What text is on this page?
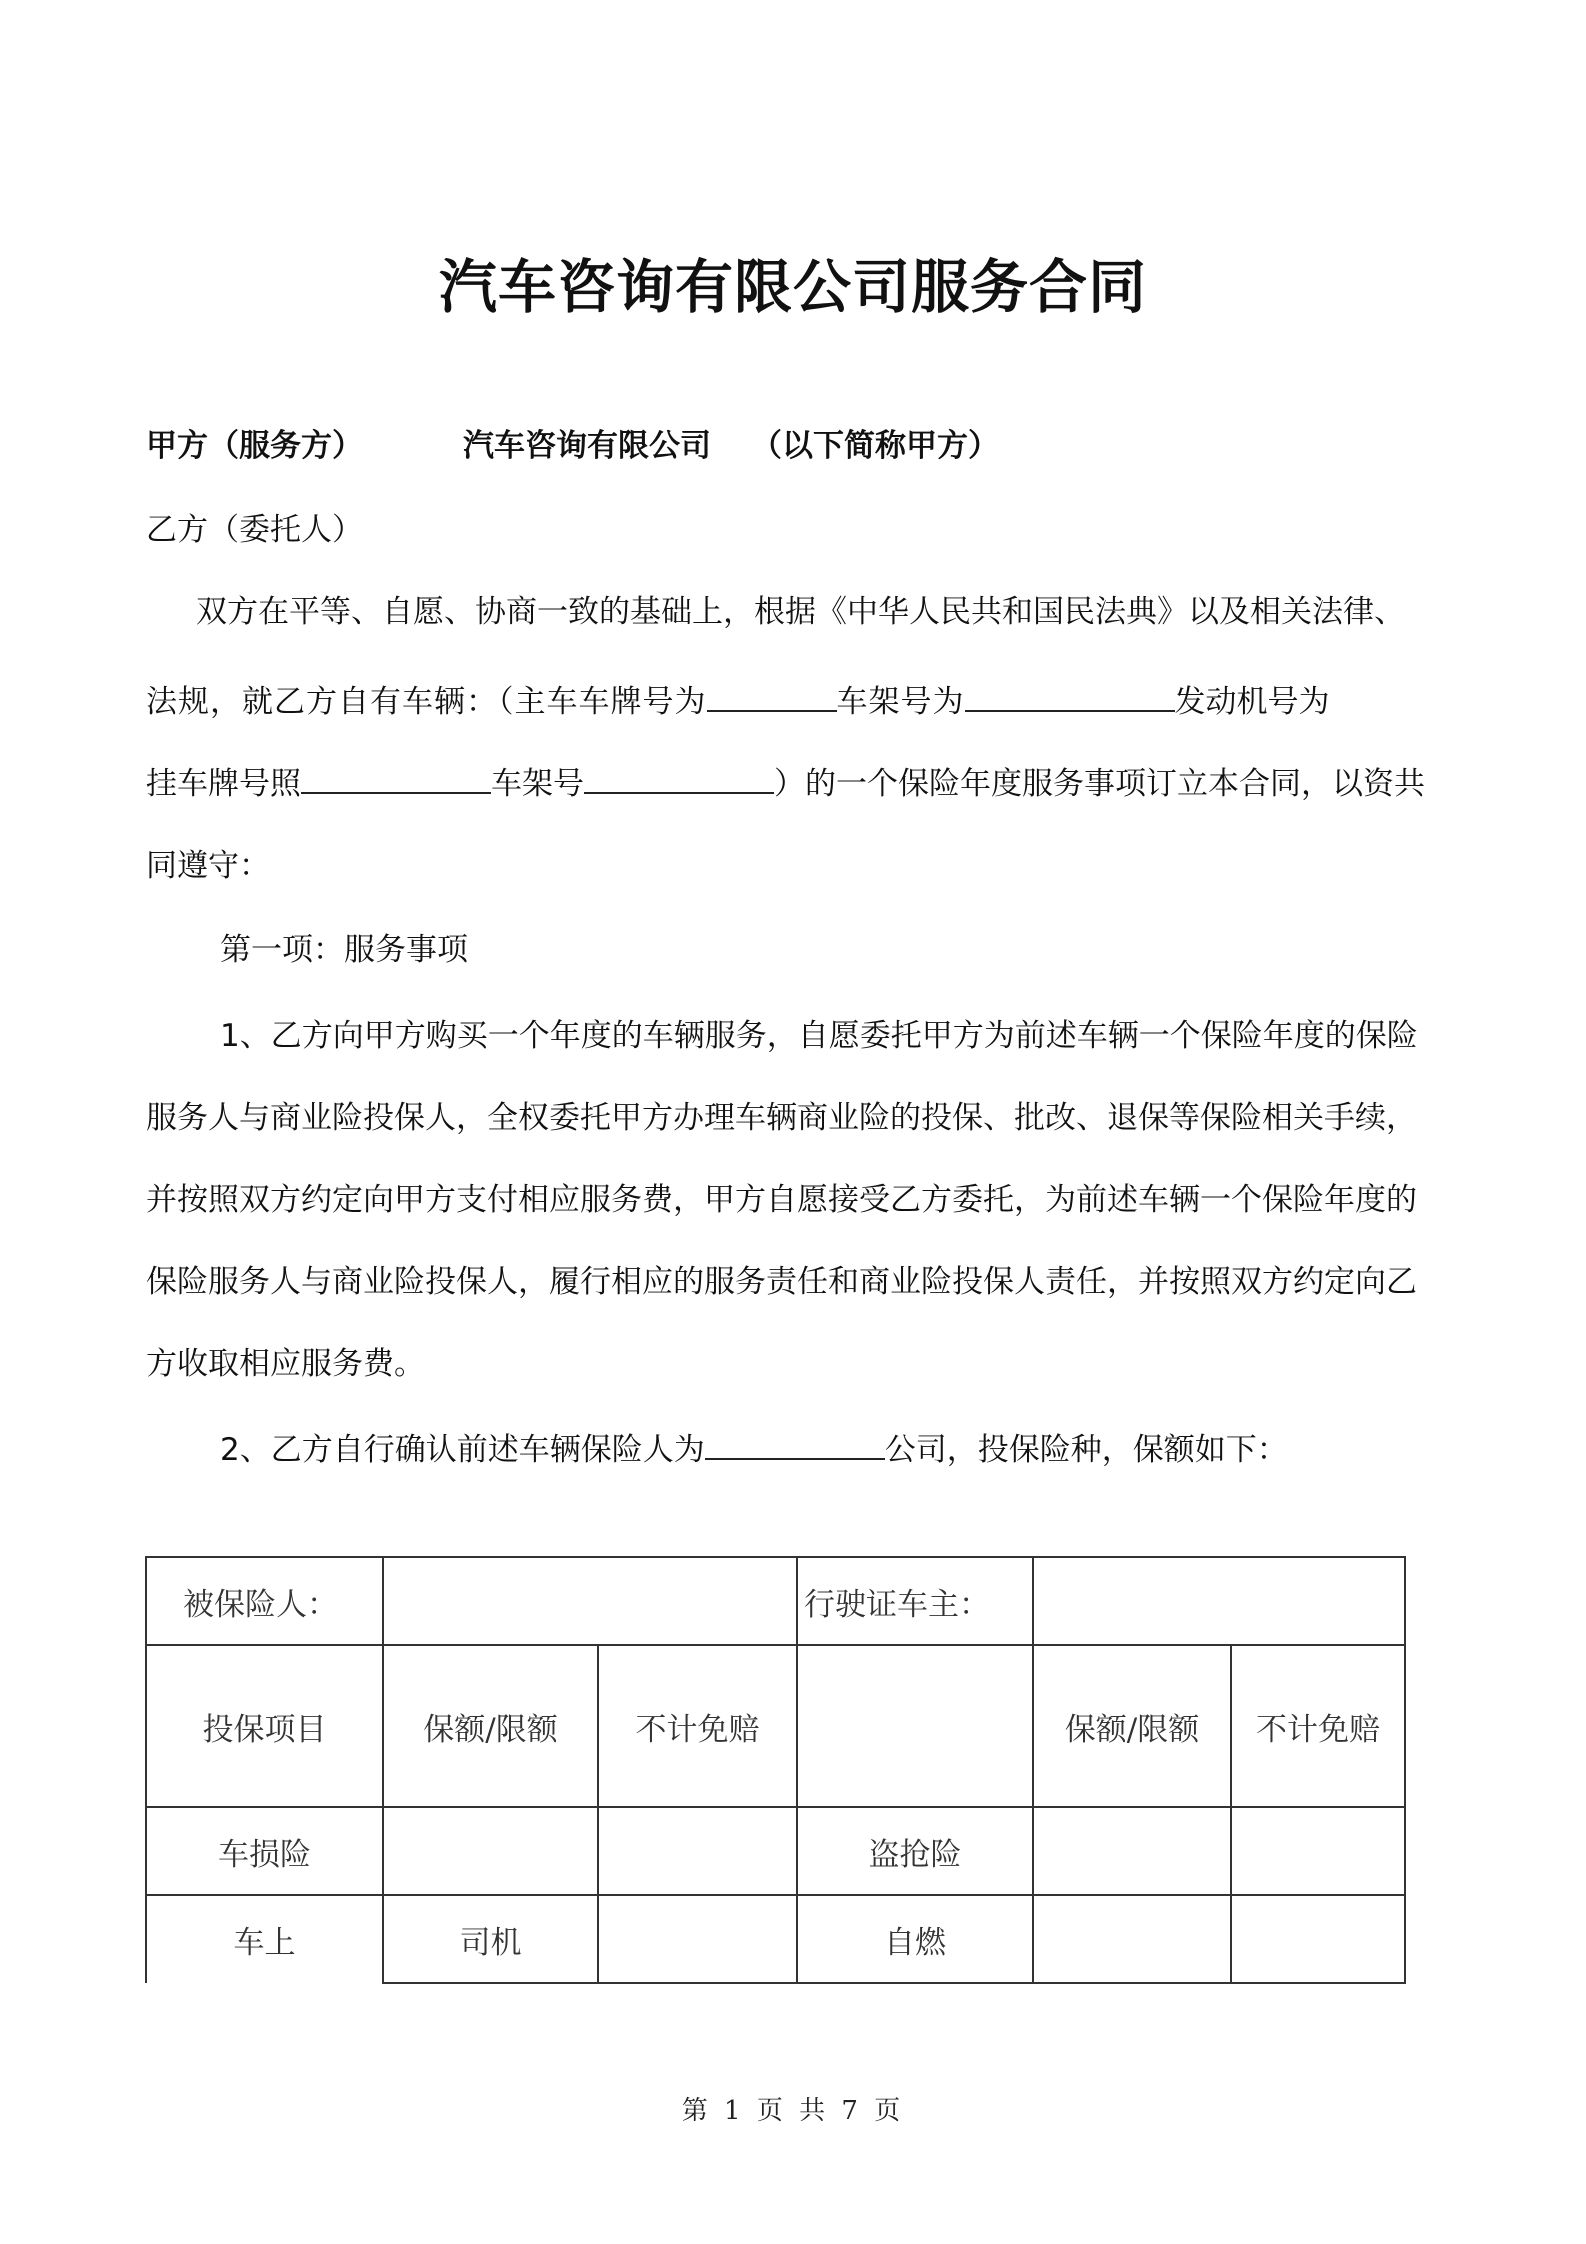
汽车咨询有限公司服务合同
甲方（服务方）	汽车咨询有限公司 （以下简称甲方）
乙方（委托人）
双方在平等、自愿、协商一致的基础上，根据《中华人民共和国民法典》以及相关法律、
法规，就乙方自有车辆：（主车车牌号为	车架号为	发动机号为
挂车牌号照	车架号	）的一个保险年度服务事项订立本合同，以资共
同遵守：
第一项：服务事项
1、乙方向甲方购买一个年度的车辆服务，自愿委托甲方为前述车辆一个保险年度的保险
服务人与商业险投保人，全权委托甲方办理车辆商业险的投保、批改、退保等保险相关手续，
并按照双方约定向甲方支付相应服务费，甲方自愿接受乙方委托，为前述车辆一个保险年度的
保险服务人与商业险投保人，履行相应的服务责任和商业险投保人责任，并按照双方约定向乙
方收取相应服务费。
2、乙方自行确认前述车辆保险人为	公司，投保险种，保额如下：
被保险人：			行驶证车主：		
投保项目	保额/限额	不计免赔		保额/限额	不计免赔
车损险			盗抢险		
车上	司机		自燃		
第 1 页 共 7 页
